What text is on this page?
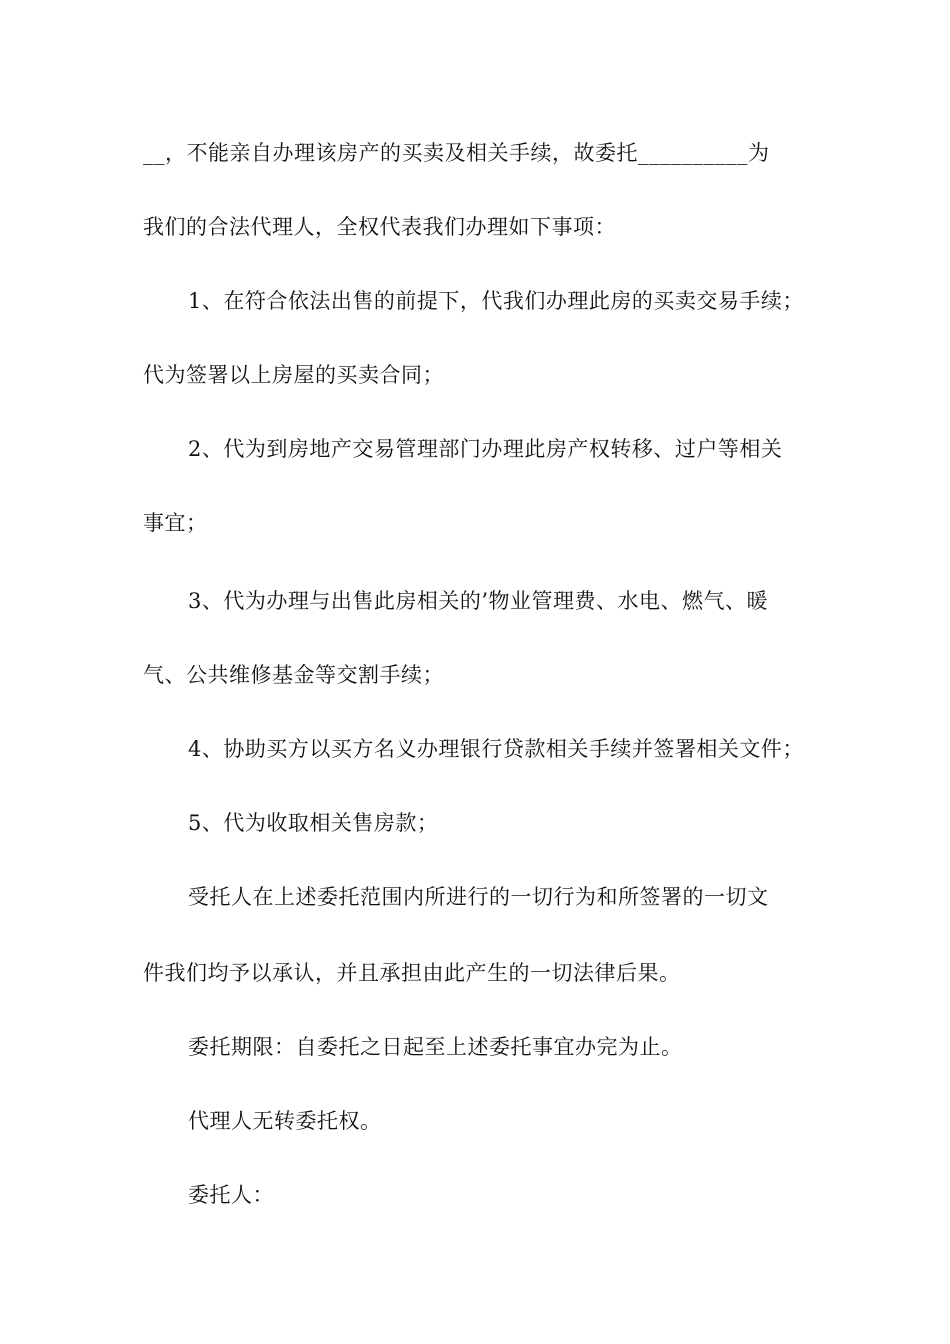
__，不能亲自办理该房产的买卖及相关手续，故委托__________为
我们的合法代理人，全权代表我们办理如下事项：
1、在符合依法出售的前提下，代我们办理此房的买卖交易手续；
代为签署以上房屋的买卖合同；
2、代为到房地产交易管理部门办理此房产权转移、过户等相关
事宜；
3、代为办理与出售此房相关的’物业管理费、水电、燃气、暖
气、公共维修基金等交割手续；
4、协助买方以买方名义办理银行贷款相关手续并签署相关文件；
5、代为收取相关售房款；
受托人在上述委托范围内所进行的一切行为和所签署的一切文
件我们均予以承认，并且承担由此产生的一切法律后果。
委托期限：自委托之日起至上述委托事宜办完为止。
代理人无转委托权。
委托人：
